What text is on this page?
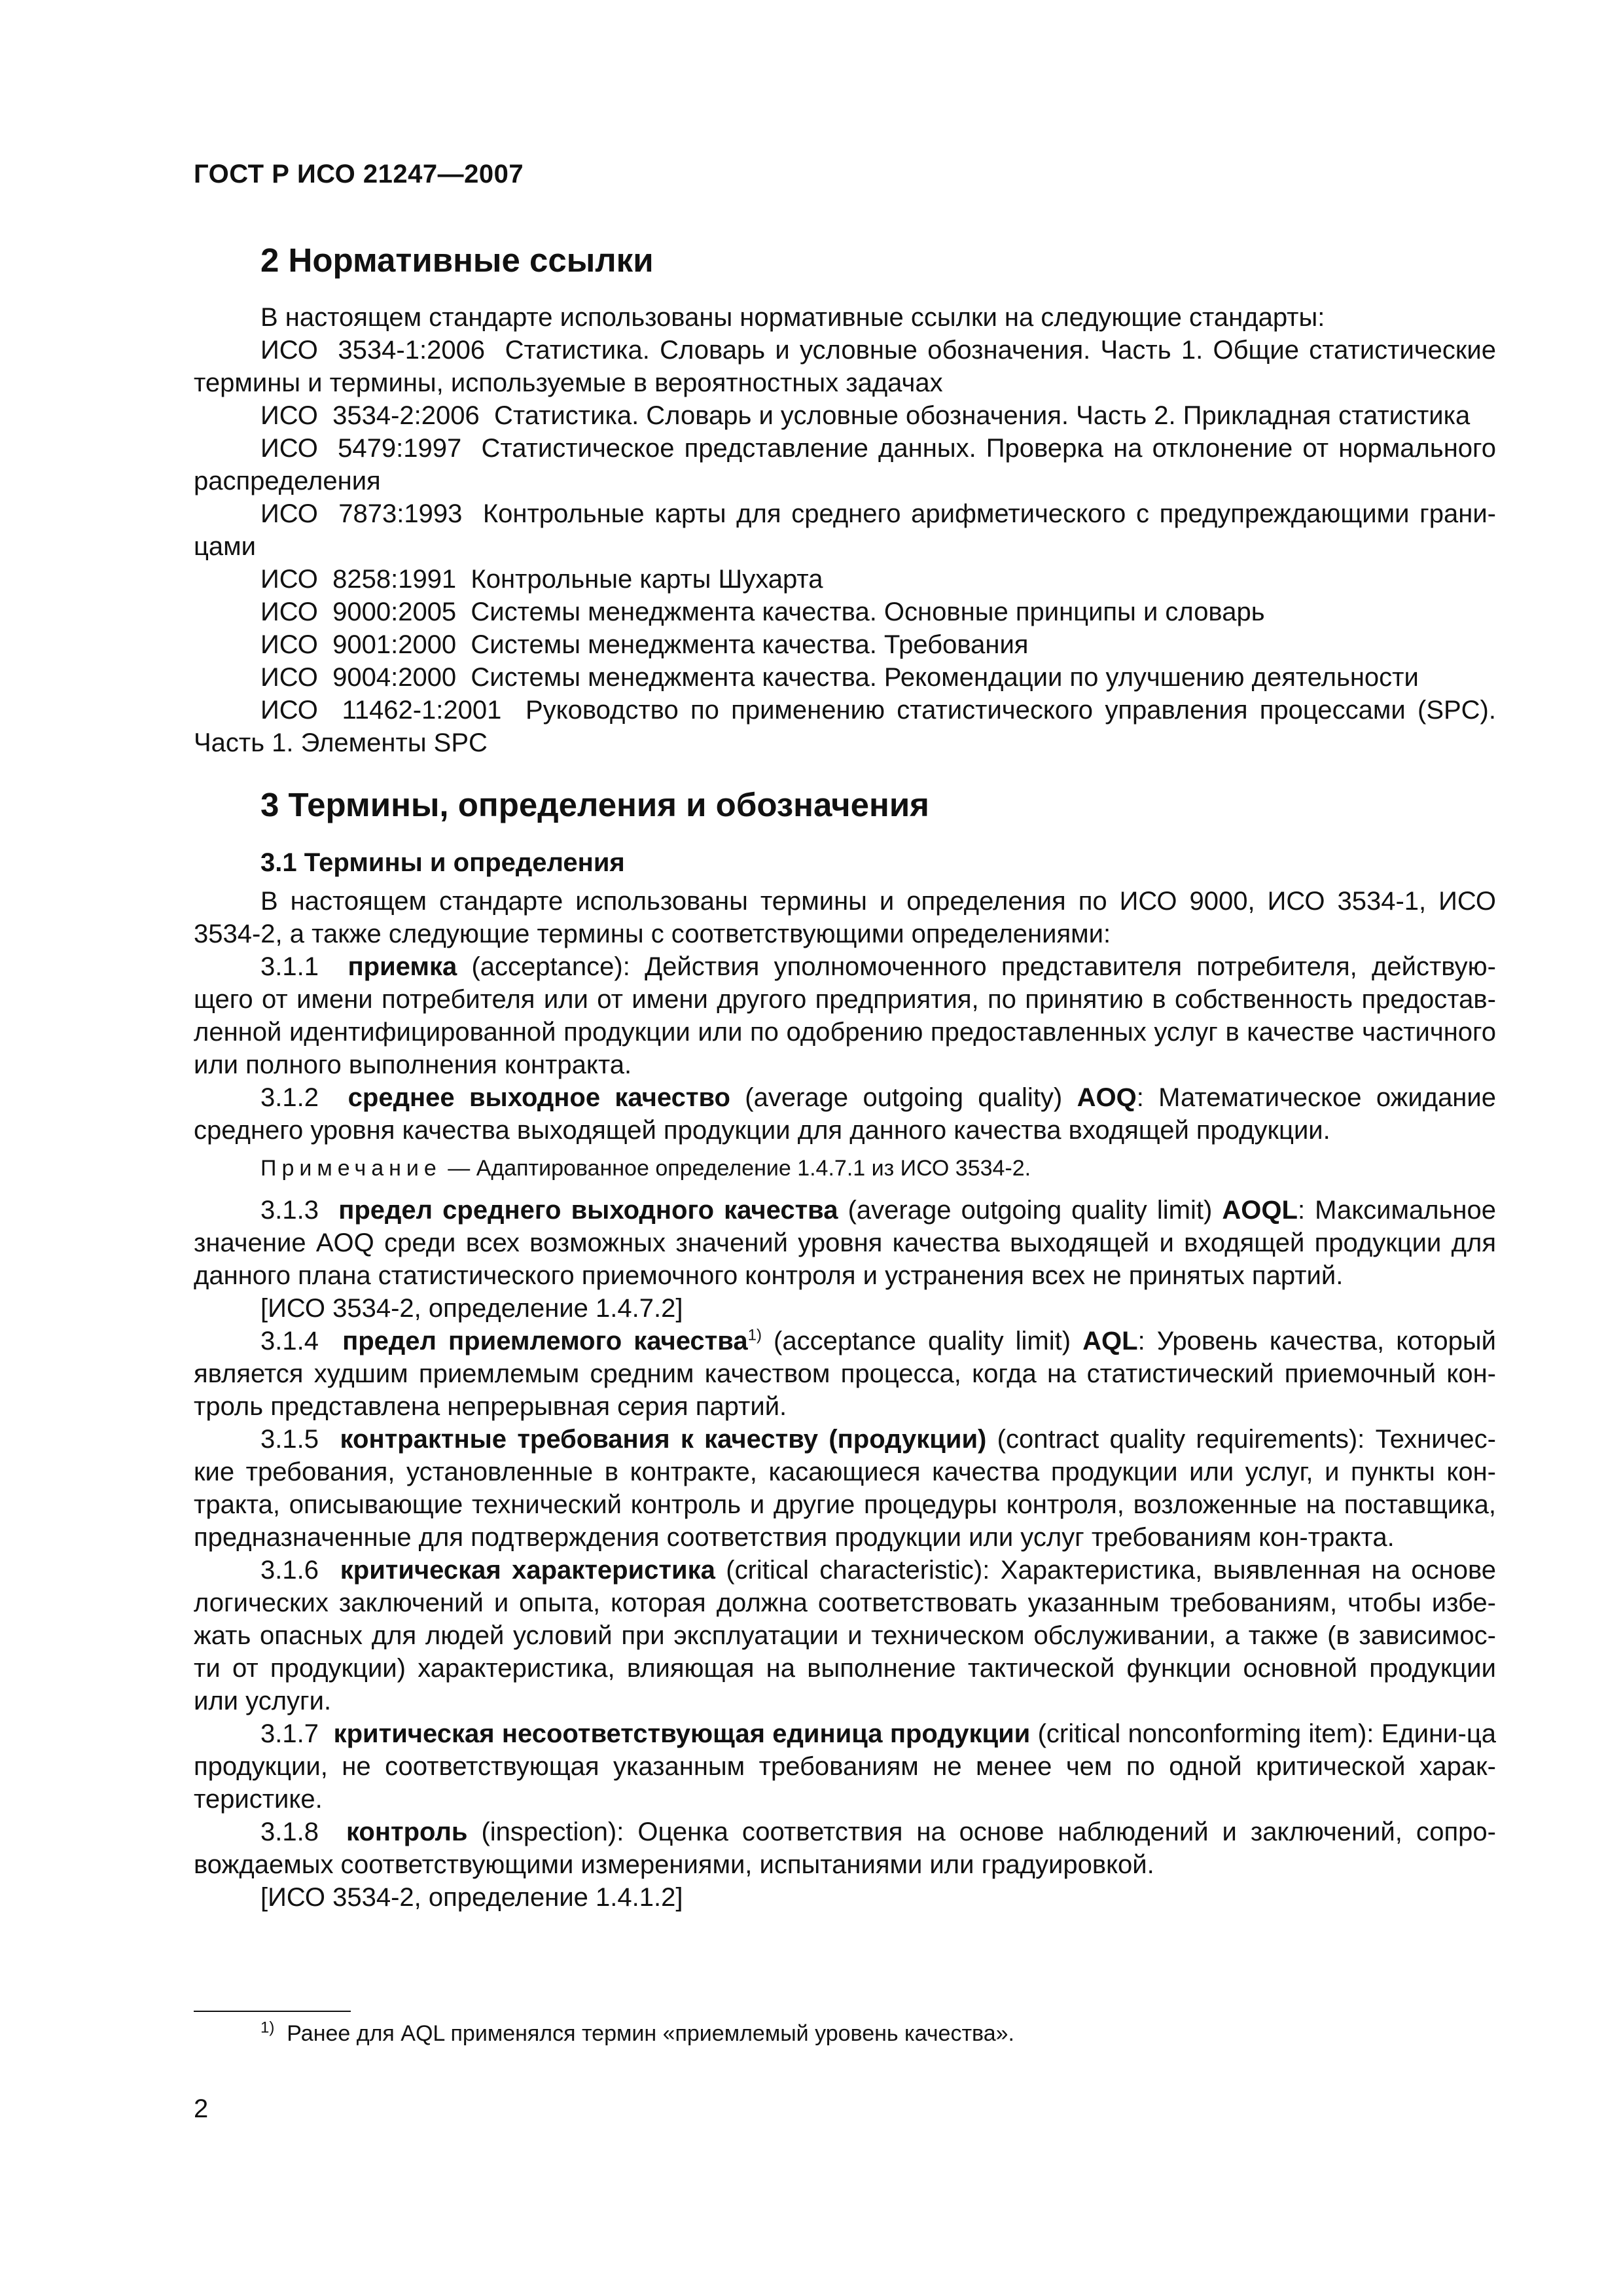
ГОСТ Р ИСО 21247—2007
2 Нормативные ссылки

В настоящем стандарте использованы нормативные ссылки на следующие стандарты:

ИСО  3534-1:2006 Статистика. Словарь и условные обозначения. Часть 1. Общие статистические термины и термины, используемые в вероятностных задачах

ИСО  3534-2:2006
Статистика. Словарь и условные обозначения. Часть 2. Прикладная статистика

ИСО  5479:1997 Статистическое представление данных. Проверка на отклонение от нормального распределения

ИСО  7873:1993 Контрольные карты для среднего арифметического с предупреждающими грани-цами

ИСО  8258:1991
Контрольные карты Шухарта

ИСО  9000:2005
Системы менеджмента качества. Основные принципы и словарь

ИСО  9001:2000
Системы менеджмента качества. Требования

ИСО  9004:2000
Системы менеджмента качества. Рекомендации по улучшению деятельности

ИСО  11462-1:2001 Руководство по применению статистического управления процессами (SPC). Часть 1. Элементы SPC

3 Термины, определения и обозначения
3.1 Термины и определения

В настоящем стандарте использованы термины и определения по ИСО 9000, ИСО 3534-1, ИСО 3534-2, а также следующие термины с соответствующими определениями:

3.1.1 приемка (acceptance): Действия уполномоченного представителя потребителя, действую-щего от имени потребителя или от имени другого предприятия, по принятию в собственность предостав-ленной идентифицированной продукции или по одобрению предоставленных услуг в качестве частичного или полного выполнения контракта.

3.1.2 среднее выходное качество (average outgoing quality) AOQ: Математическое ожидание среднего уровня качества выходящей продукции для данного качества входящей продукции.

Примечание — Адаптированное определение 1.4.7.1 из ИСО 3534-2.

3.1.3 предел среднего выходного качества (average outgoing quality limit) AOQL: Максимальное значение AOQ среди всех возможных значений уровня качества выходящей и входящей продукции для данного плана статистического приемочного контроля и устранения всех не принятых партий.

[ИСО 3534-2, определение 1.4.7.2]

3.1.4 предел приемлемого качества$^{1)}$ (acceptance quality limit) AQL: Уровень качества, который является худшим приемлемым средним качеством процесса, когда на статистический приемочный кон-троль представлена непрерывная серия партий.

3.1.5 контрактные требования к качеству (продукции) (contract quality requirements): Техничес-кие требования, установленные в контракте, касающиеся качества продукции или услуг, и пункты кон-тракта, описывающие технический контроль и другие процедуры контроля, возложенные на поставщика, предназначенные для подтверждения соответствия продукции или услуг требованиям кон-тракта.

3.1.6 критическая характеристика (critical characteristic): Характеристика, выявленная на основе логических заключений и опыта, которая должна соответствовать указанным требованиям, чтобы избе-жать опасных для людей условий при эксплуатации и техническом обслуживании, а также (в зависимос-ти от продукции) характеристика, влияющая на выполнение тактической функции основной продукции или услуги.

3.1.7 критическая несоответствующая единица продукции (critical nonconforming item): Едини-ца продукции, не соответствующая указанным требованиям не менее чем по одной критической харак-теристике.

3.1.8 контроль (inspection): Оценка соответствия на основе наблюдений и заключений, сопро-вождаемых соответствующими измерениями, испытаниями или градуировкой.

[ИСО 3534-2, определение 1.4.1.2]

$^{1)}$ Ранее для AQL применялся термин «приемлемый уровень качества».
2
